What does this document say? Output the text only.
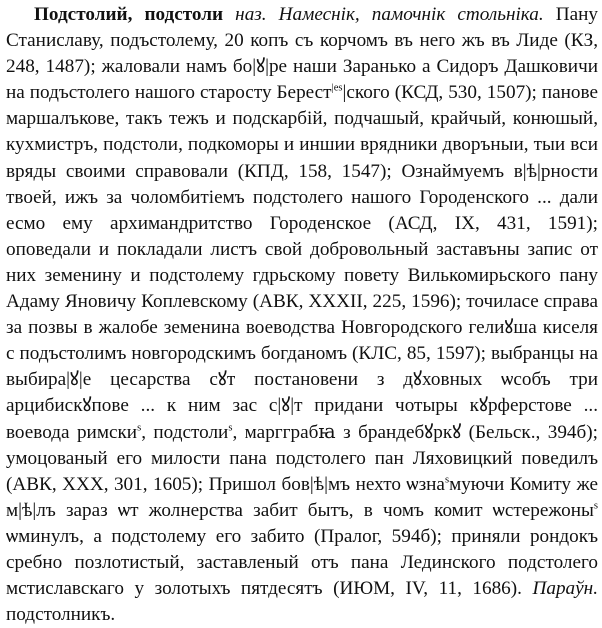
Подстолий, подстоли наз. Намеснік, памочнік стольніка. Пану Станиславу, подъстолему, 20 копъ съ корчомъ въ него жъ въ Лиде (КЗ, 248, 1487); жаловали намъ бо|ꙋ|ре наши Заранько а Сидоръ Дашковичи на подъстолего нашого старосту Берест$^{|еs}$|ского (КСД, 530, 1507); панове маршалъкове, такъ тежъ и подскарбій, подчашый, крайчый, конюшый, кухмистръ, подстоли, подкоморы и иншии врядники дворъныи, тыи вси вряды своими справовали (КПД, 158, 1547); Ознаймуемъ в|ѣ|рности твоей, ижъ за чоломбитіемъ подстолего нашого Городенского ... дали есмо ему архимандритство Городенское (АСД, IX, 431, 1591); оповедали и покладали листъ свой добровольный заставъны запис от них земенину и подстолему гдрьскому повету Вилькомирьского пану Адаму Яновичу Коплевскому (АВК, XXXII, 225, 1596); точиласе справа за позвы в жалобе земенина воеводства Новгородского гелиꙋша киселя с подъстолимъ новгородскимъ богданомъ (КЛС, 85, 1597); выбранцы на выбира|ꙋ|е цесарства сꙋт постановени з дꙋховных ѡсобъ три арцибискꙋпове ... к ним зас с|ꙋ|т придани чотыры кꙋрферстове ... воевода римски$^s$, подстоли$^s$, маргграбꙗ з брандебꙋркꙋ (Бельск., 394б); умоцованый его милости пана подстолего пан Ляховицкий поведилъ (АВК, XXX, 301, 1605); Пришол бов|ѣ|мъ нехто ѡзна$^s$муючи Комиту же м|ѣ|лъ зараз ѡт жолнерства забит бытъ, в чомъ комит ѡстережоны$^s$ ѡминулъ, а подстолему его забито (Пралог, 594б); приняли рондокъ сребно позлотистый, заставленый отъ пана Лединского подстолего мстиславскаго у золотыхъ пятдесятъ (ИЮМ, IV, 11, 1686). Параўн. подстолникъ.
